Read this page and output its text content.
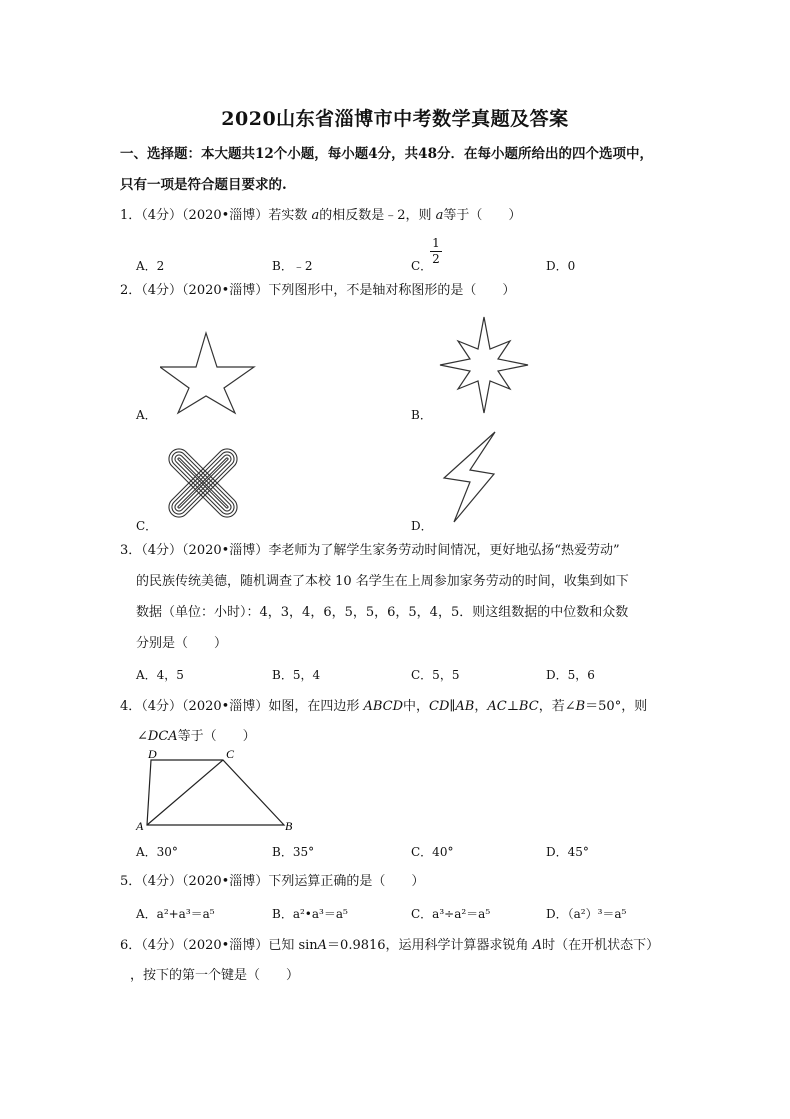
2020山东省淄博市中考数学真题及答案
一、选择题：本大题共12个小题，每小题4分，共48分．在每小题所给出的四个选项中，
只有一项是符合题目要求的.
1．（4分）（2020•淄博）若实数 a的相反数是﹣2，则 a等于（　　）
A．2	B．﹣2	C．
$\frac{1}{2}$	D．0
2．（4分）（2020•淄博）下列图形中，不是轴对称图形的是（　　）
A．	B．
C．	D．
3．（4分）（2020•淄博）李老师为了解学生家务劳动时间情况，更好地弘扬“热爱劳动”
的民族传统美德，随机调查了本校 10 名学生在上周参加家务劳动的时间，收集到如下
数据（单位：小时）：4，3，4，6，5，5，6，5，4，5．则这组数据的中位数和众数
分别是（　　）
A．4，5	B．5，4	C．5，5	D．5，6
4．（4分）（2020•淄博）如图，在四边形 ABCD中，CD∥AB，AC⊥BC，若∠B＝50°，则
∠DCA等于（　　）
D	C
A	B
A．30°	B．35°	C．40°	D．45°
5．（4分）（2020•淄博）下列运算正确的是（　　）
A．a²+a³＝a⁵	B．a²•a³＝a⁵	C．a³÷a²＝a⁵	D．（a²）³＝a⁵
6．（4分）（2020•淄博）已知 sinA＝0.9816，运用科学计算器求锐角 A时（在开机状态下）
，按下的第一个键是（　　）
